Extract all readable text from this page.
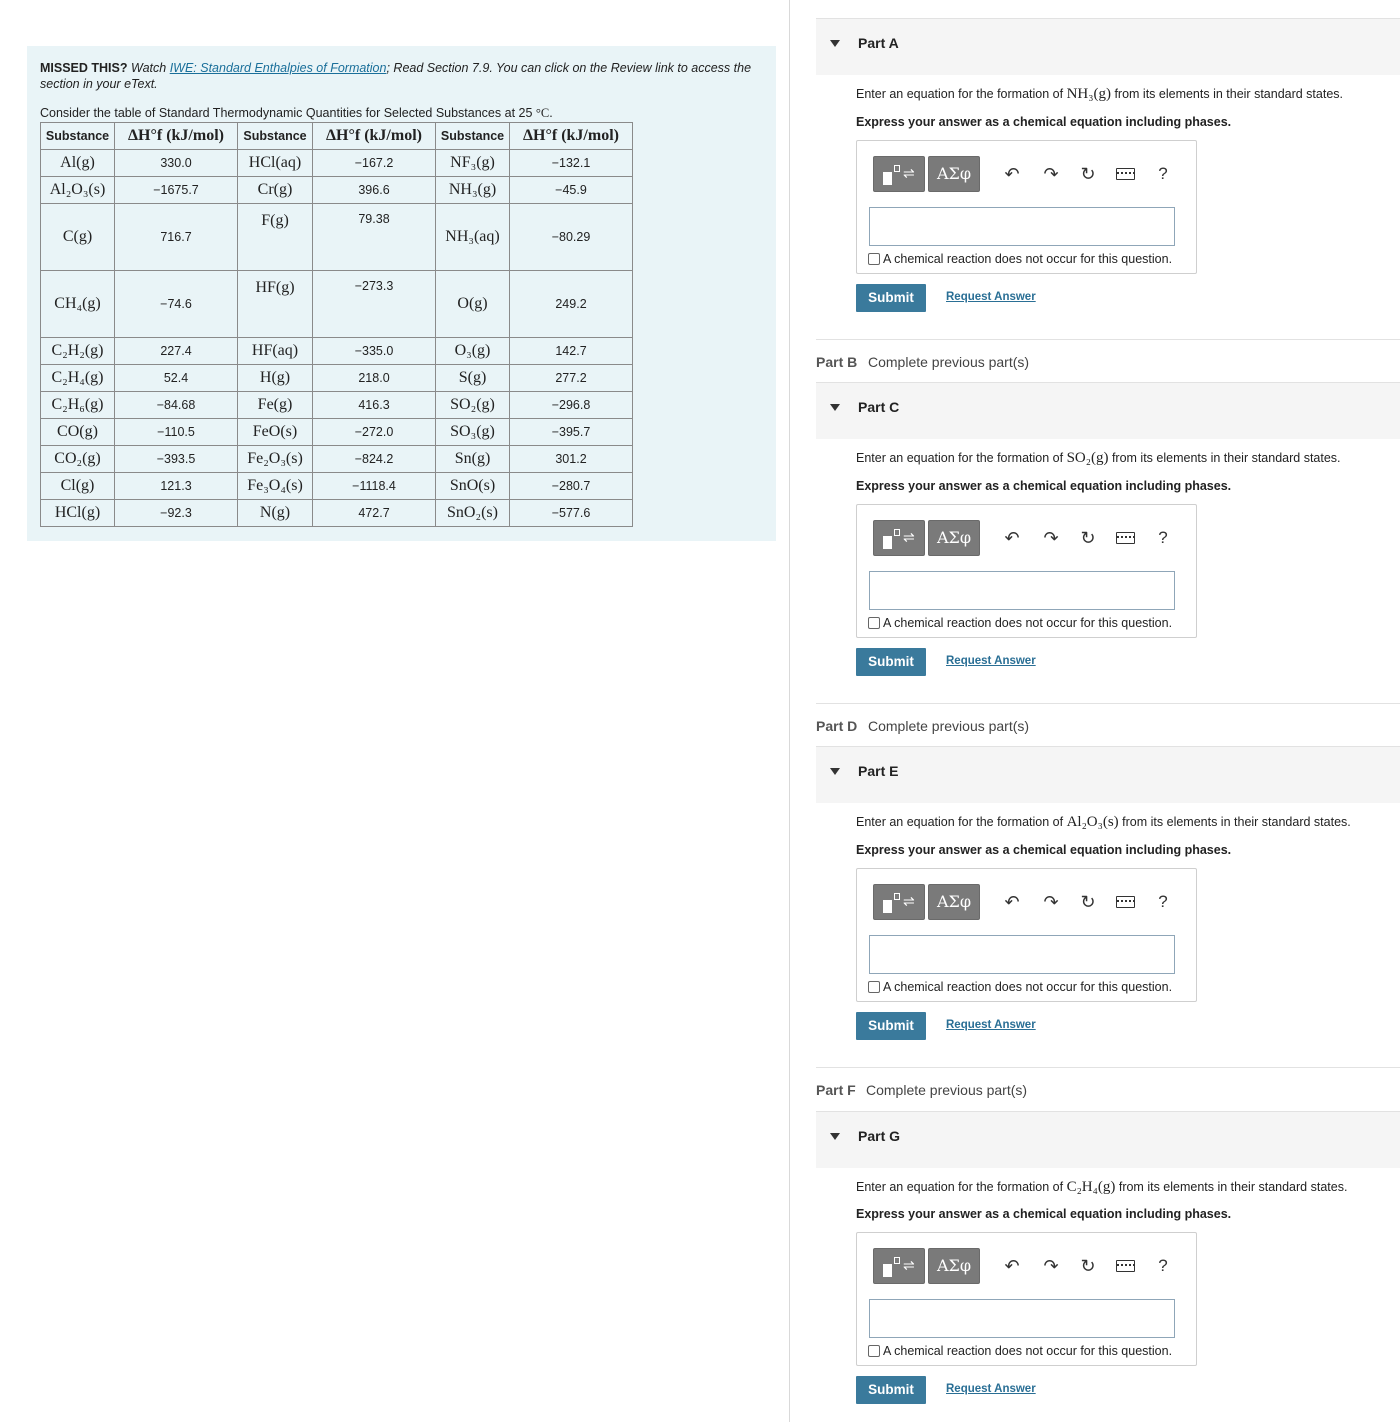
MISSED THIS? Watch IWE: Standard Enthalpies of Formation; Read Section 7.9. You can click on the Review link to access the section in your eText.

Consider the table of Standard Thermodynamic Quantities for Selected Substances at 25 °C.

Substance	ΔH°f (kJ/mol)	Substance	ΔH°f (kJ/mol)	Substance	ΔH°f (kJ/mol)
Al(g)	330.0	HCl(aq)	−167.2	NF₃(g)	−132.1
Al₂O₃(s)	−1675.7	Cr(g)	396.6	NH₃(g)	−45.9
C(g)	716.7	F(g)	79.38	NH₃(aq)	−80.29
CH₄(g)	−74.6	HF(g)	−273.3	O(g)	249.2
C₂H₂(g)	227.4	HF(aq)	−335.0	O₃(g)	142.7
C₂H₄(g)	52.4	H(g)	218.0	S(g)	277.2
C₂H₆(g)	−84.68	Fe(g)	416.3	SO₂(g)	−296.8
CO(g)	−110.5	FeO(s)	−272.0	SO₃(g)	−395.7
CO₂(g)	−393.5	Fe₂O₃(s)	−824.2	Sn(g)	301.2
Cl(g)	121.3	Fe₃O₄(s)	−1118.4	SnO(s)	−280.7
HCl(g)	−92.3	N(g)	472.7	SnO₂(s)	−577.6
Part A
Enter an equation for the formation of NH₃(g) from its elements in their standard states.
Express your answer as a chemical equation including phases.
⇌	ΑΣφ	↶ ↷ ↻	?
A chemical reaction does not occur for this question.
Submit	Request Answer
Part B Complete previous part(s)
Part C
Enter an equation for the formation of SO₂(g) from its elements in their standard states.
Express your answer as a chemical equation including phases.
⇌	ΑΣφ	↶ ↷ ↻	?
A chemical reaction does not occur for this question.
Submit	Request Answer
Part D Complete previous part(s)
Part E
Enter an equation for the formation of Al₂O₃(s) from its elements in their standard states.
Express your answer as a chemical equation including phases.
⇌	ΑΣφ	↶ ↷ ↻	?
A chemical reaction does not occur for this question.
Submit	Request Answer
Part F Complete previous part(s)
Part G
Enter an equation for the formation of C₂H₄(g) from its elements in their standard states.
Express your answer as a chemical equation including phases.
⇌	ΑΣφ	↶ ↷ ↻	?
A chemical reaction does not occur for this question.
Submit	Request Answer
